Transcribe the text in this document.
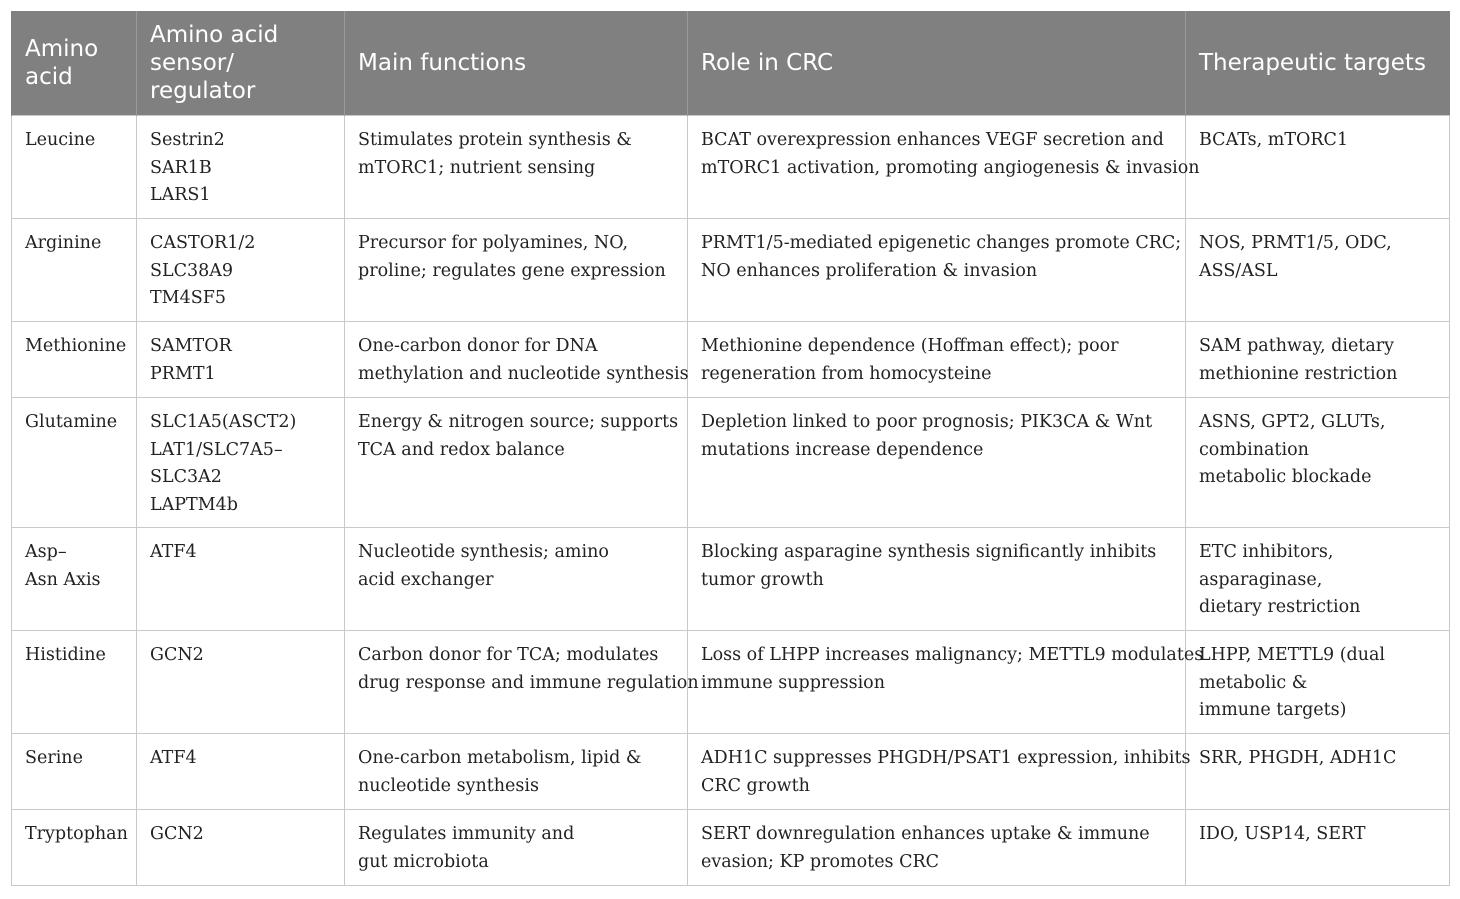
Amino
acid	Amino acid
sensor/
regulator	Main functions	Role in CRC	Therapeutic targets

Leucine	Sestrin2
SAR1B
LARS1	Stimulates protein synthesis &
mTORC1; nutrient sensing	BCAT overexpression enhances VEGF secretion and
mTORC1 activation, promoting angiogenesis & invasion	BCATs, mTORC1

Arginine	CASTOR1/2
SLC38A9
TM4SF5	Precursor for polyamines, NO,
proline; regulates gene expression	PRMT1/5-mediated epigenetic changes promote CRC;
NO enhances proliferation & invasion	NOS, PRMT1/5, ODC,
ASS/ASL

Methionine	SAMTOR
PRMT1	One-carbon donor for DNA
methylation and nucleotide synthesis	Methionine dependence (Hoffman effect); poor
regeneration from homocysteine	SAM pathway, dietary
methionine restriction

Glutamine	SLC1A5(ASCT2)
LAT1/SLC7A5–
SLC3A2
LAPTM4b	Energy & nitrogen source; supports
TCA and redox balance	Depletion linked to poor prognosis; PIK3CA & Wnt
mutations increase dependence	ASNS, GPT2, GLUTs,
combination
metabolic blockade

Asp–
Asn Axis	ATF4	Nucleotide synthesis; amino
acid exchanger	Blocking asparagine synthesis significantly inhibits
tumor growth	ETC inhibitors,
asparaginase,
dietary restriction

Histidine	GCN2	Carbon donor for TCA; modulates
drug response and immune regulation	Loss of LHPP increases malignancy; METTL9 modulates
immune suppression	LHPP, METTL9 (dual
metabolic &
immune targets)

Serine	ATF4	One-carbon metabolism, lipid &
nucleotide synthesis	ADH1C suppresses PHGDH/PSAT1 expression, inhibits
CRC growth	SRR, PHGDH, ADH1C

Tryptophan	GCN2	Regulates immunity and
gut microbiota	SERT downregulation enhances uptake & immune
evasion; KP promotes CRC	IDO, USP14, SERT
